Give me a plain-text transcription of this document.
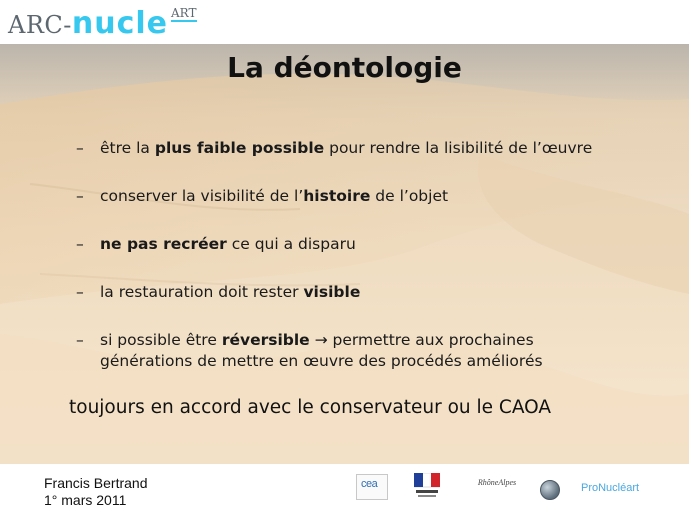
ARC-nucle $^{ART}$
La déontologie
– être la plus faible possible pour rendre la lisibilité de l’œuvre
– conserver la visibilité de l’histoire de l’objet
– ne pas recréer ce qui a disparu
– la restauration doit rester visible
– si possible être réversible → permettre aux prochaines
générations de mettre en œuvre des procédés améliorés
toujours en accord avec le conservateur ou le CAOA
Francis Bertrand
1° mars 2011
cea	RhôneAlpes	ProNucléart
